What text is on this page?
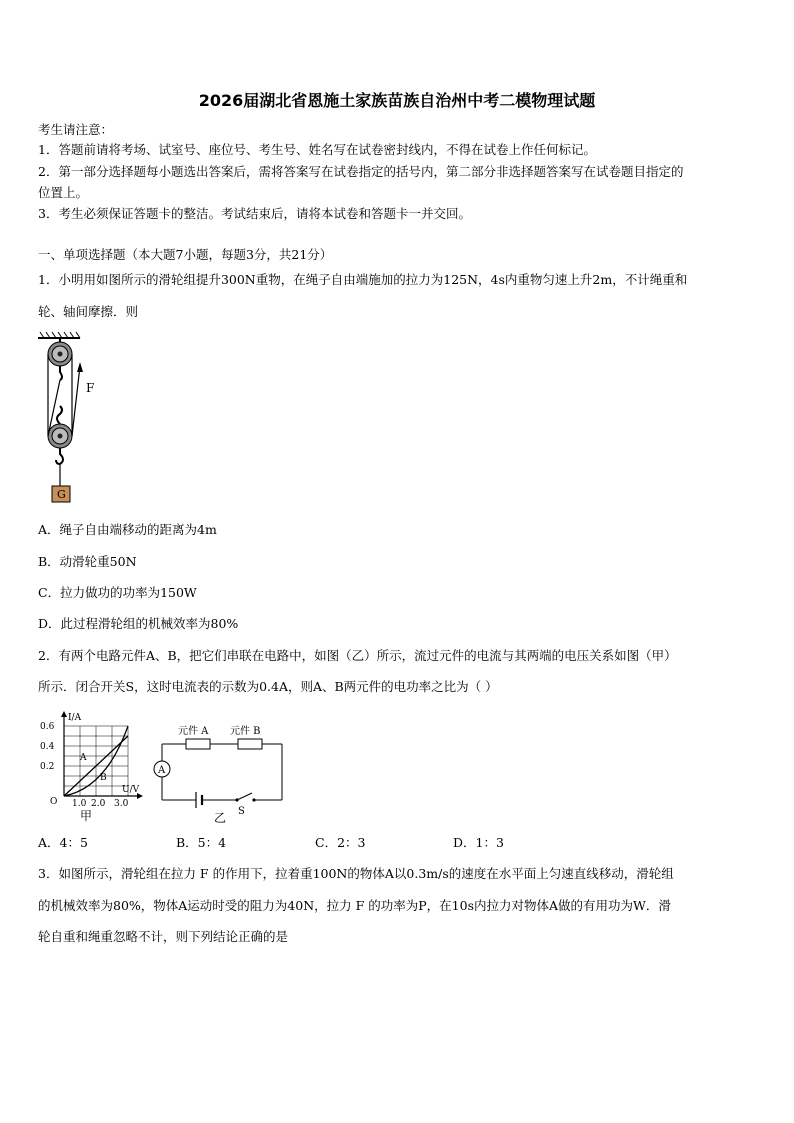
2026届湖北省恩施土家族苗族自治州中考二模物理试题
考生请注意：
1．答题前请将考场、试室号、座位号、考生号、姓名写在试卷密封线内，不得在试卷上作任何标记。
2．第一部分选择题每小题选出答案后，需将答案写在试卷指定的括号内，第二部分非选择题答案写在试卷题目指定的
位置上。
3．考生必须保证答题卡的整洁。考试结束后，请将本试卷和答题卡一并交回。
一、单项选择题（本大题7小题，每题3分，共21分）
1．小明用如图所示的滑轮组提升300N重物，在绳子自由端施加的拉力为125N，4s内重物匀速上升2m，不计绳重和
轮、轴间摩擦．则
F
G
A．绳子自由端移动的距离为4m
B．动滑轮重50N
C．拉力做功的功率为150W
D．此过程滑轮组的机械效率为80%
2．有两个电路元件A、B，把它们串联在电路中，如图（乙）所示，流过元件的电流与其两端的电压关系如图（甲）
所示．闭合开关S，这时电流表的示数为0.4A，则A、B两元件的电功率之比为（ ）
I/A
U/V
O
0.6
0.4
0.2
1.0 2.0 3.0
A
B
甲
元件 A 元件 B
A
S
乙
A．4：5	B．5：4	C．2：3	D．1：3
3．如图所示，滑轮组在拉力 F 的作用下，拉着重100N的物体A以0.3m/s的速度在水平面上匀速直线移动，滑轮组
的机械效率为80%，物体A运动时受的阻力为40N，拉力 F 的功率为P，在10s内拉力对物体A做的有用功为W．滑
轮自重和绳重忽略不计，则下列结论正确的是
